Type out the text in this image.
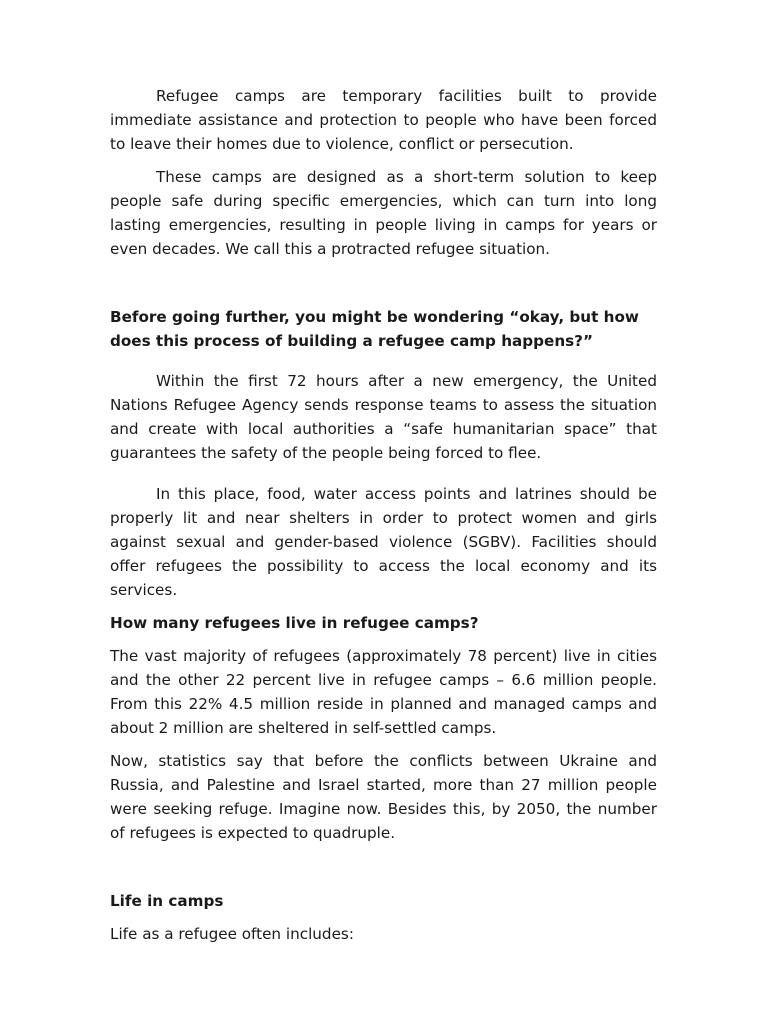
Refugee camps are temporary facilities built to provide immediate assistance and protection to people who have been forced to leave their homes due to violence, conflict or persecution.

These camps are designed as a short-term solution to keep people safe during specific emergencies, which can turn into long lasting emergencies, resulting in people living in camps for years or even decades. We call this a protracted refugee situation.

Before going further, you might be wondering “okay, but how does this process of building a refugee camp happens?”

Within the first 72 hours after a new emergency, the United Nations Refugee Agency sends response teams to assess the situation and create with local authorities a “safe humanitarian space” that guarantees the safety of the people being forced to flee.

In this place, food, water access points and latrines should be properly lit and near shelters in order to protect women and girls against sexual and gender-based violence (SGBV). Facilities should offer refugees the possibility to access the local economy and its services.

How many refugees live in refugee camps?

The vast majority of refugees (approximately 78 percent) live in cities and the other 22 percent live in refugee camps – 6.6 million people. From this 22% 4.5 million reside in planned and managed camps and about 2 million are sheltered in self-settled camps.

Now, statistics say that before the conflicts between Ukraine and Russia, and Palestine and Israel started, more than 27 million people were seeking refuge. Imagine now. Besides this, by 2050, the number of refugees is expected to quadruple.

Life in camps

Life as a refugee often includes:
